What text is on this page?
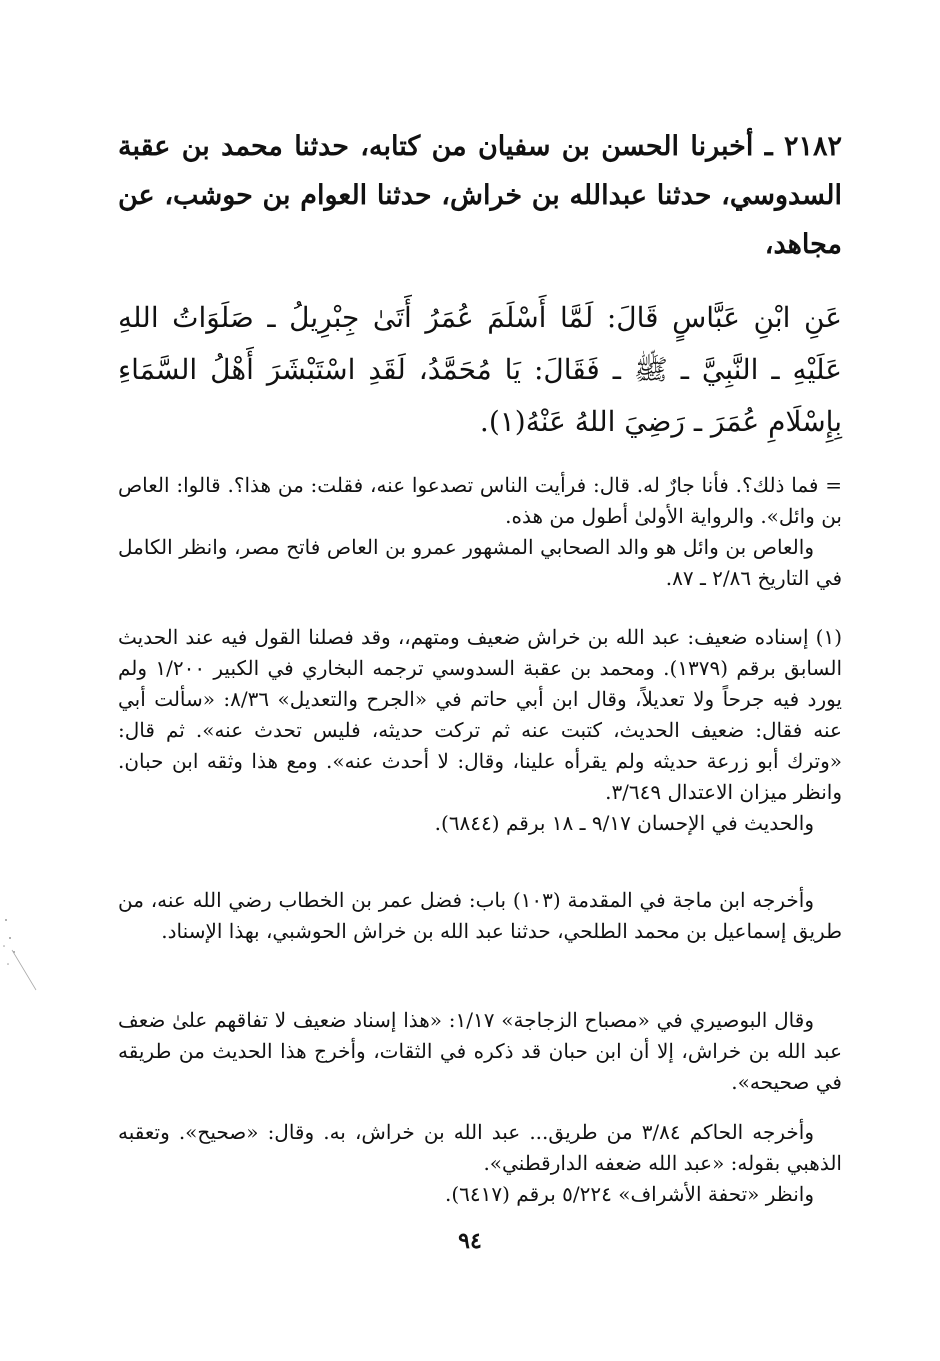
٢١٨٢ ـ أخبرنا الحسن بن سفيان من كتابه، حدثنا محمد بن عقبة السدوسي، حدثنا عبدالله بن خراش، حدثنا العوام بن حوشب، عن مجاهد،
عَنِ ابْنِ عَبَّاسٍ قَالَ: لَمَّا أَسْلَمَ عُمَرُ أَتَىٰ جِبْرِيلُ ـ صَلَوَاتُ اللهِ عَلَيْهِ ـ النَّبِيَّ ـ ﷺ ـ فَقَالَ: يَا مُحَمَّدُ، لَقَدِ اسْتَبْشَرَ أَهْلُ السَّمَاءِ بِإِسْلَامِ عُمَرَ ـ رَضِيَ اللهُ عَنْهُ(١).

= فما ذلك؟. فأنا جارٌ له. قال: فرأيت الناس تصدعوا عنه، فقلت: من هذا؟. قالوا: العاص بن وائل». والرواية الأولىٰ أطول من هذه.

والعاص بن وائل هو والد الصحابي المشهور عمرو بن العاص فاتح مصر، وانظر الكامل في التاريخ ٢/٨٦ ـ ٨٧.

(١) إسناده ضعيف: عبد الله بن خراش ضعيف ومتهم،، وقد فصلنا القول فيه عند الحديث السابق برقم (١٣٧٩). ومحمد بن عقبة السدوسي ترجمه البخاري في الكبير ١/٢٠٠ ولم يورد فيه جرحاً ولا تعديلاً، وقال ابن أبي حاتم في «الجرح والتعديل» ٨/٣٦: «سألت أبي عنه فقال: ضعيف الحديث، كتبت عنه ثم تركت حديثه، فليس تحدث عنه». ثم قال: «وترك أبو زرعة حديثه ولم يقرأه علينا، وقال: لا أحدث عنه». ومع هذا وثقه ابن حبان. وانظر ميزان الاعتدال ٣/٦٤٩.

والحديث في الإحسان ٩/١٧ ـ ١٨ برقم (٦٨٤٤).

وأخرجه ابن ماجة في المقدمة (١٠٣) باب: فضل عمر بن الخطاب رضي الله عنه، من طريق إسماعيل بن محمد الطلحي، حدثنا عبد الله بن خراش الحوشبي، بهذا الإسناد.

وقال البوصيري في «مصباح الزجاجة» ١/١٧: «هذا إسناد ضعيف لا تفاقهم علىٰ ضعف عبد الله بن خراش، إلا أن ابن حبان قد ذكره في الثقات، وأخرج هذا الحديث من طريقه في صحيحه».

وأخرجه الحاكم ٣/٨٤ من طريق... عبد الله بن خراش، به. وقال: «صحيح». وتعقبه الذهبي بقوله: «عبد الله ضعفه الدارقطني».

وانظر «تحفة الأشراف» ٥/٢٢٤ برقم (٦٤١٧).

٩٤
